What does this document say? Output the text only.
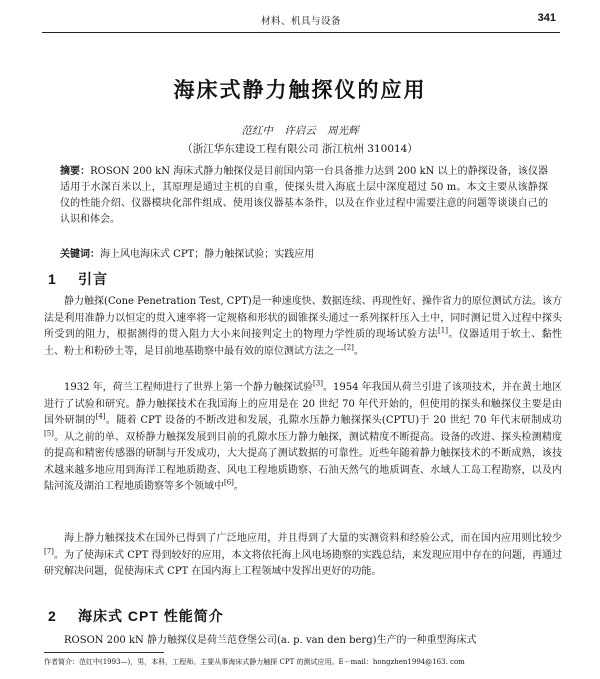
材料、机具与设备	341
海床式静力触探仪的应用
范红中 许启云 周光辉
（浙江华东建设工程有限公司 浙江杭州 310014）
摘要：ROSON 200 kN 海床式静力触探仪是目前国内第一台具备推力达到 200 kN 以上的静探设备，该仪器适用于水深百米以上，其原理是通过主机的自重，使探头贯入海底土层中深度超过 50 m。本文主要从该静探仪的性能介绍、仪器模块化部件组成、使用该仪器基本条件，以及在作业过程中需要注意的问题等谈谈自己的认识和体会。
关键词：海上风电海床式 CPT；静力触探试验；实践应用
1 引言
静力触探(Cone Penetration Test, CPT)是一种速度快、数据连续、再现性好、操作省力的原位测试方法。该方法是利用准静力以恒定的贯入速率将一定规格和形状的圆锥探头通过一系列探杆压入土中，同时测记贯入过程中探头所受到的阻力，根据测得的贯入阻力大小来间接判定土的物理力学性质的现场试验方法[1]。仪器适用于软土、黏性土、粉土和粉砂土等，是目前地基勘察中最有效的原位测试方法之一[2]。
1932 年，荷兰工程师进行了世界上第一个静力触探试验[3]。1954 年我国从荷兰引进了该项技术，并在黄土地区进行了试验和研究。静力触探技术在我国海上的应用是在 20 世纪 70 年代开始的，但使用的探头和触探仪主要是由国外研制的[4]。随着 CPT 设备的不断改进和发展，孔隙水压静力触探探头(CPTU)于 20 世纪 70 年代末研制成功[5]。从之前的单、双桥静力触探发展到目前的孔隙水压力静力触探，测试精度不断提高。设备的改进、探头检测精度的提高和精密传感器的研制与开发成功，大大提高了测试数据的可靠性。近些年随着静力触探技术的不断成熟，该技术越来越多地应用到海洋工程地质勘查、风电工程地质勘察、石油天然气的地质调查、水域人工岛工程勘察，以及内陆河流及湖泊工程地质勘察等多个领域中[6]。
海上静力触探技术在国外已得到了广泛地应用，并且得到了大量的实测资料和经验公式，而在国内应用则比较少[7]。为了使海床式 CPT 得到较好的应用，本文将依托海上风电场勘察的实践总结，来发现应用中存在的问题，再通过研究解决问题，促使海床式 CPT 在国内海上工程领域中发挥出更好的功能。
2 海床式 CPT 性能简介
ROSON 200 kN 静力触探仪是荷兰范登堡公司(a. p. van den berg)生产的一种重型海床式
作者简介：范红中(1993—)，男，本科，工程师。主要从事海床式静力触探 CPT 的测试应用。E－mail：hongzhen1994@163. com
